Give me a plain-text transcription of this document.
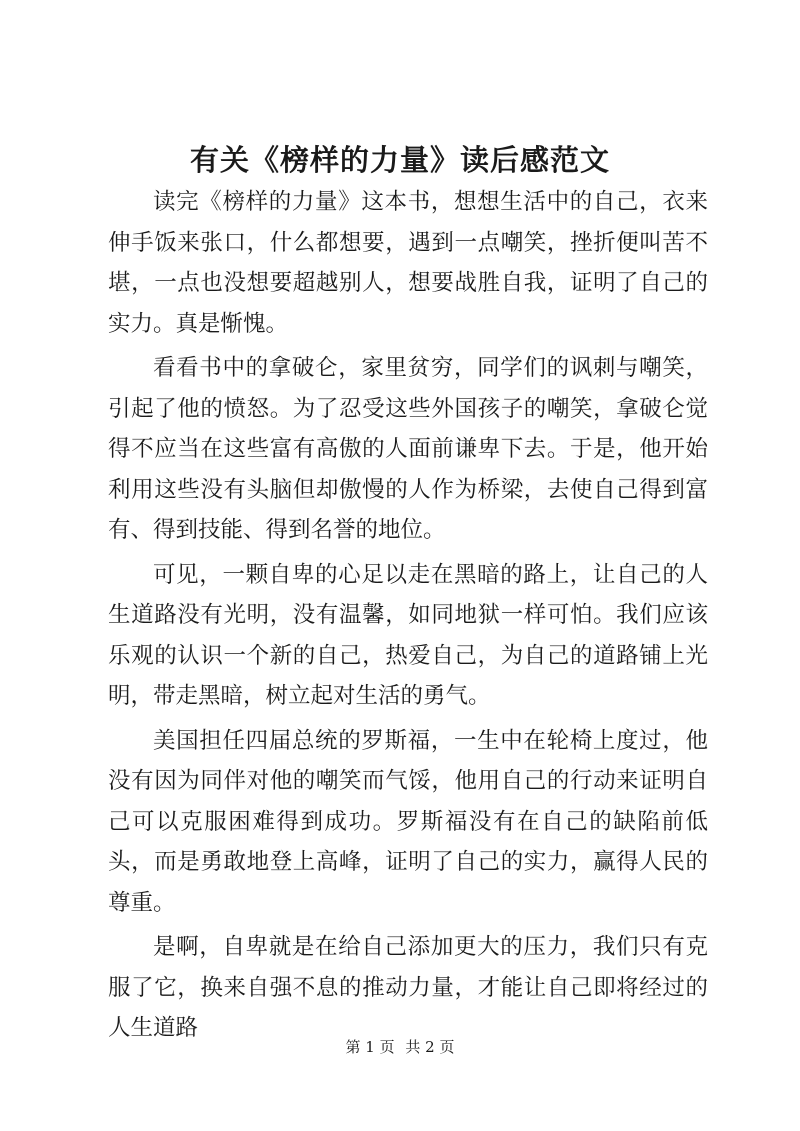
有关《榜样的力量》读后感范文

读完《榜样的力量》这本书，想想生活中的自己，衣来伸手饭来张口，什么都想要，遇到一点嘲笑，挫折便叫苦不堪，一点也没想要超越别人，想要战胜自我，证明了自己的实力。真是惭愧。

看看书中的拿破仑，家里贫穷，同学们的讽刺与嘲笑，引起了他的愤怒。为了忍受这些外国孩子的嘲笑，拿破仑觉得不应当在这些富有高傲的人面前谦卑下去。于是，他开始利用这些没有头脑但却傲慢的人作为桥梁，去使自己得到富有、得到技能、得到名誉的地位。

可见，一颗自卑的心足以走在黑暗的路上，让自己的人生道路没有光明，没有温馨，如同地狱一样可怕。我们应该乐观的认识一个新的自己，热爱自己，为自己的道路铺上光明，带走黑暗，树立起对生活的勇气。

美国担任四届总统的罗斯福，一生中在轮椅上度过，他没有因为同伴对他的嘲笑而气馁，他用自己的行动来证明自己可以克服困难得到成功。罗斯福没有在自己的缺陷前低头，而是勇敢地登上高峰，证明了自己的实力，赢得人民的尊重。

是啊，自卑就是在给自己添加更大的压力，我们只有克服了它，换来自强不息的推动力量，才能让自己即将经过的人生道路

第 1 页 共 2 页
